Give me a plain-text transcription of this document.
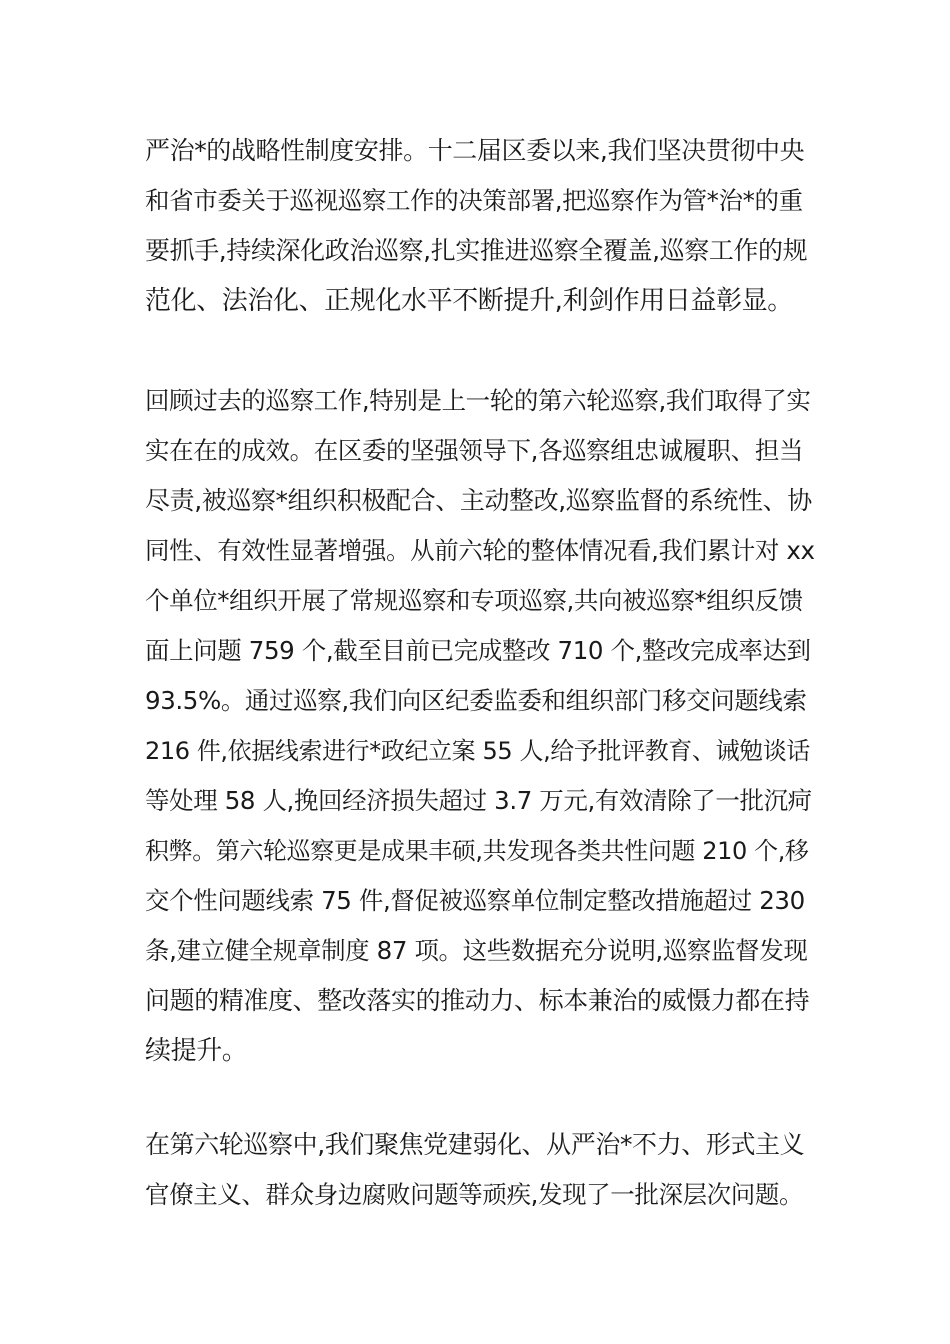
严治*的战略性制度安排。十二届区委以来,我们坚决贯彻中央
和省市委关于巡视巡察工作的决策部署,把巡察作为管*治*的重
要抓手,持续深化政治巡察,扎实推进巡察全覆盖,巡察工作的规
范化、法治化、正规化水平不断提升,利剑作用日益彰显。
回顾过去的巡察工作,特别是上一轮的第六轮巡察,我们取得了实
实在在的成效。在区委的坚强领导下,各巡察组忠诚履职、担当
尽责,被巡察*组织积极配合、主动整改,巡察监督的系统性、协
同性、有效性显著增强。从前六轮的整体情况看,我们累计对 xx
个单位*组织开展了常规巡察和专项巡察,共向被巡察*组织反馈
面上问题 759 个,截至目前已完成整改 710 个,整改完成率达到
93.5%。通过巡察,我们向区纪委监委和组织部门移交问题线索
216 件,依据线索进行*政纪立案 55 人,给予批评教育、诫勉谈话
等处理 58 人,挽回经济损失超过 3.7 万元,有效清除了一批沉疴
积弊。第六轮巡察更是成果丰硕,共发现各类共性问题 210 个,移
交个性问题线索 75 件,督促被巡察单位制定整改措施超过 230
条,建立健全规章制度 87 项。这些数据充分说明,巡察监督发现
问题的精准度、整改落实的推动力、标本兼治的威慑力都在持
续提升。
在第六轮巡察中,我们聚焦党建弱化、从严治*不力、形式主义
官僚主义、群众身边腐败问题等顽疾,发现了一批深层次问题。
